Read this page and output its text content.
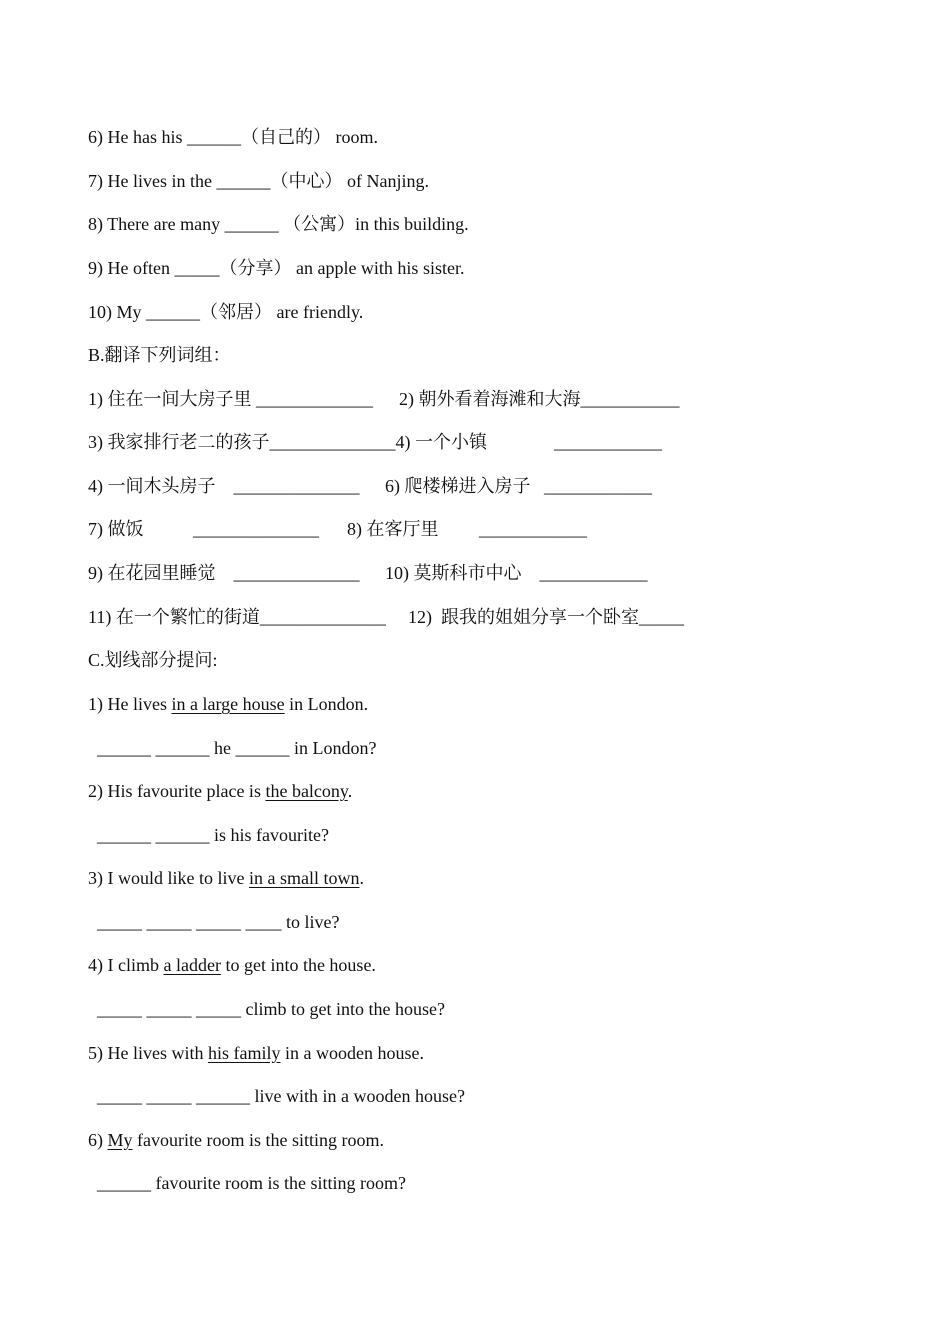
6) He has his ______（自己的） room.
7) He lives in the ______（中心） of Nanjing.
8) There are many ______ （公寓）in this building.
9) He often _____（分享） an apple with his sister.
10) My ______（邻居） are friendly.
B.翻译下列词组：
1) 住在一间大房子里 _____________ 2) 朝外看着海滩和大海___________
3) 我家排行老二的孩子______________4) 一个小镇	____________
4) 一间木头房子    ______________ 6) 爬楼梯进入房子   ____________
7) 做饭           ______________ 8) 在客厅里         ____________
9) 在花园里睡觉    ______________ 10) 莫斯科市中心    ____________
11) 在一个繁忙的街道______________ 12)  跟我的姐姐分享一个卧室_____
C.划线部分提问:
1) He lives in a large house in London.
______ ______ he ______ in London?
2) His favourite place is the balcony.
______ ______ is his favourite?
3) I would like to live in a small town.
_____ _____ _____ ____ to live?
4) I climb a ladder to get into the house.
_____ _____ _____ climb to get into the house?
5) He lives with his family in a wooden house.
_____ _____ ______ live with in a wooden house?
6) My favourite room is the sitting room.
______ favourite room is the sitting room?
